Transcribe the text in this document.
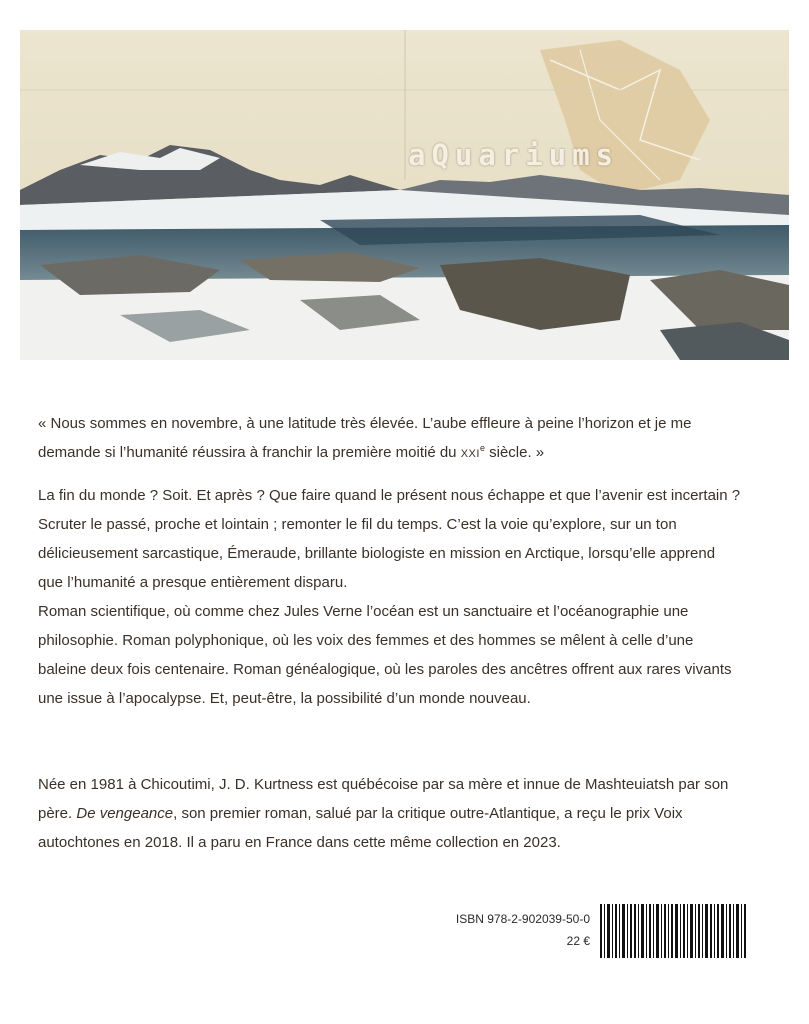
aQuariums

« Nous sommes en novembre, à une latitude très élevée. L’aube effleure à peine l’horizon et je me

demande si l’humanité réussira à franchir la première moitié du XXIe siècle. »

La fin du monde ? Soit. Et après ? Que faire quand le présent nous échappe et que l’avenir est incertain ?

Scruter le passé, proche et lointain ; remonter le fil du temps. C’est la voie qu’explore, sur un ton

délicieusement sarcastique, Émeraude, brillante biologiste en mission en Arctique, lorsqu’elle apprend

que l’humanité a presque entièrement disparu.

Roman scientifique, où comme chez Jules Verne l’océan est un sanctuaire et l’océanographie une

philosophie. Roman polyphonique, où les voix des femmes et des hommes se mêlent à celle d’une

baleine deux fois centenaire. Roman généalogique, où les paroles des ancêtres offrent aux rares vivants

une issue à l’apocalypse. Et, peut-être, la possibilité d’un monde nouveau.

Née en 1981 à Chicoutimi, J. D. Kurtness est québécoise par sa mère et innue de Mashteuiatsh par son

père. De vengeance, son premier roman, salué par la critique outre-Atlantique, a reçu le prix Voix

autochtones en 2018. Il a paru en France dans cette même collection en 2023.

ISBN 978-2-902039-50-0
22 €
